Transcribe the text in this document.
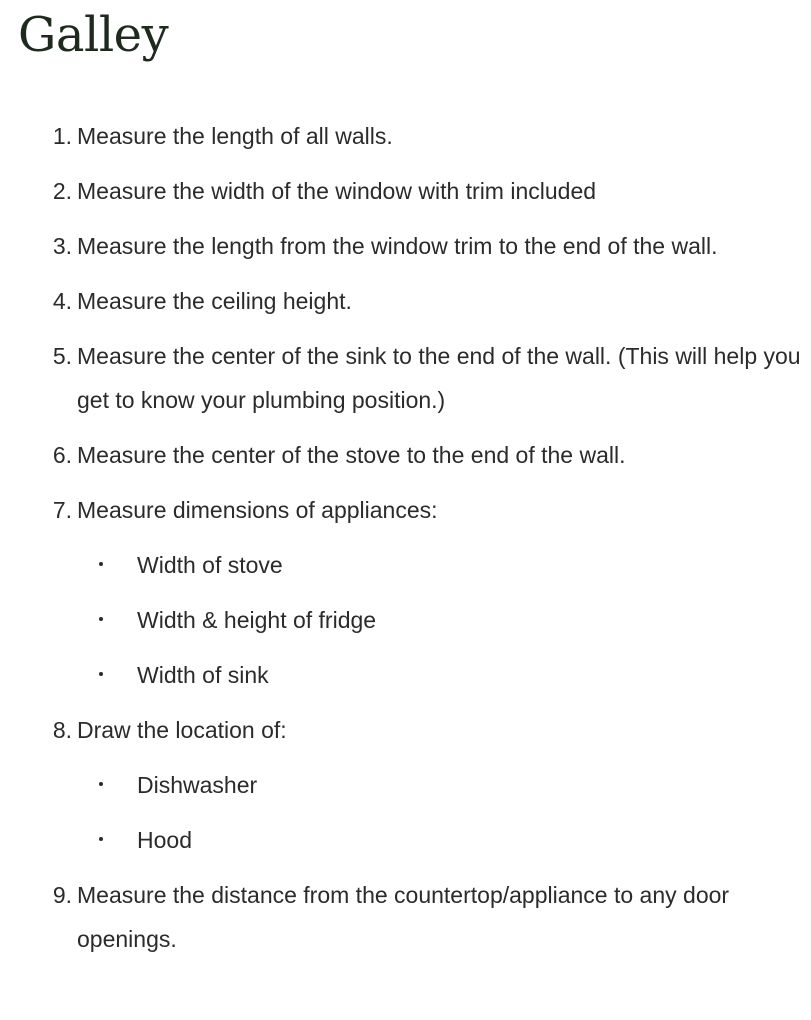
Galley
1. Measure the length of all walls.
2. Measure the width of the window with trim included
3. Measure the length from the window trim to the end of the wall.
4. Measure the ceiling height.
5. Measure the center of the sink to the end of the wall. (This will help you get to know your plumbing position.)
6. Measure the center of the stove to the end of the wall.
7. Measure dimensions of appliances:
Width of stove
Width & height of fridge
Width of sink
8. Draw the location of:
Dishwasher
Hood
9. Measure the distance from the countertop/appliance to any door openings.
